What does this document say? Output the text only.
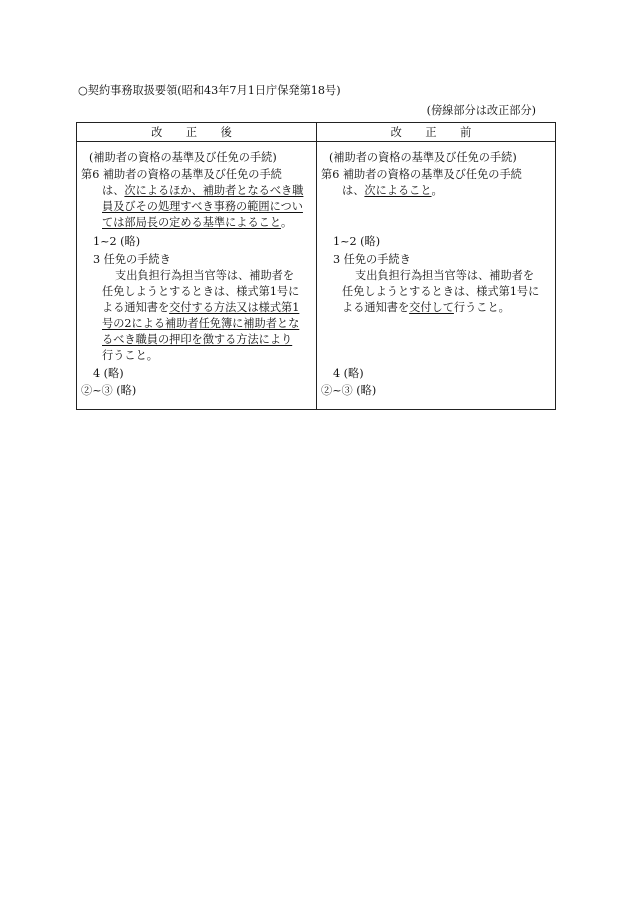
○契約事務取扱要領(昭和43年7月1日庁保発第18号)
(傍線部分は改正部分)
改 正 後	改 正 前
(補助者の資格の基準及び任免の手続)
第6 補助者の資格の基準及び任免の手続
は、次によるほか、補助者となるべき職
員及びその処理すべき事務の範囲につい
ては部局長の定める基準によること。
1~2 (略)
3 任免の手続き
支出負担行為担当官等は、補助者を
任免しようとするときは、様式第1号に
よる通知書を交付する方法又は様式第1
号の2による補助者任免簿に補助者とな
るべき職員の押印を徴する方法により
行うこと。
4 (略)
②~③ (略)
(補助者の資格の基準及び任免の手続)
第6 補助者の資格の基準及び任免の手続
は、次によること。
1~2 (略)
3 任免の手続き
支出負担行為担当官等は、補助者を
任免しようとするときは、様式第1号に
よる通知書を交付して行うこと。
4 (略)
②~③ (略)
